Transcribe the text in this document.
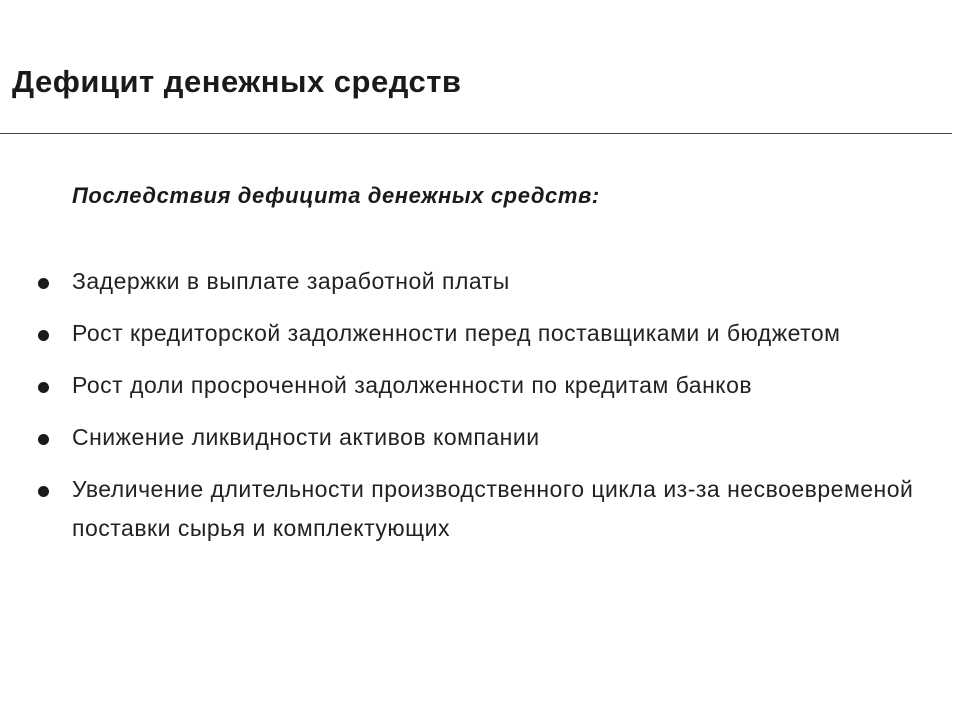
Дефицит денежных средств
Последствия дефицита денежных средств:
Задержки в выплате заработной платы
Рост кредиторской задолженности перед поставщиками и бюджетом
Рост доли просроченной задолженности по кредитам банков
Снижение ликвидности активов компании
Увеличение длительности производственного цикла из-за несвоевременой поставки сырья и комплектующих
